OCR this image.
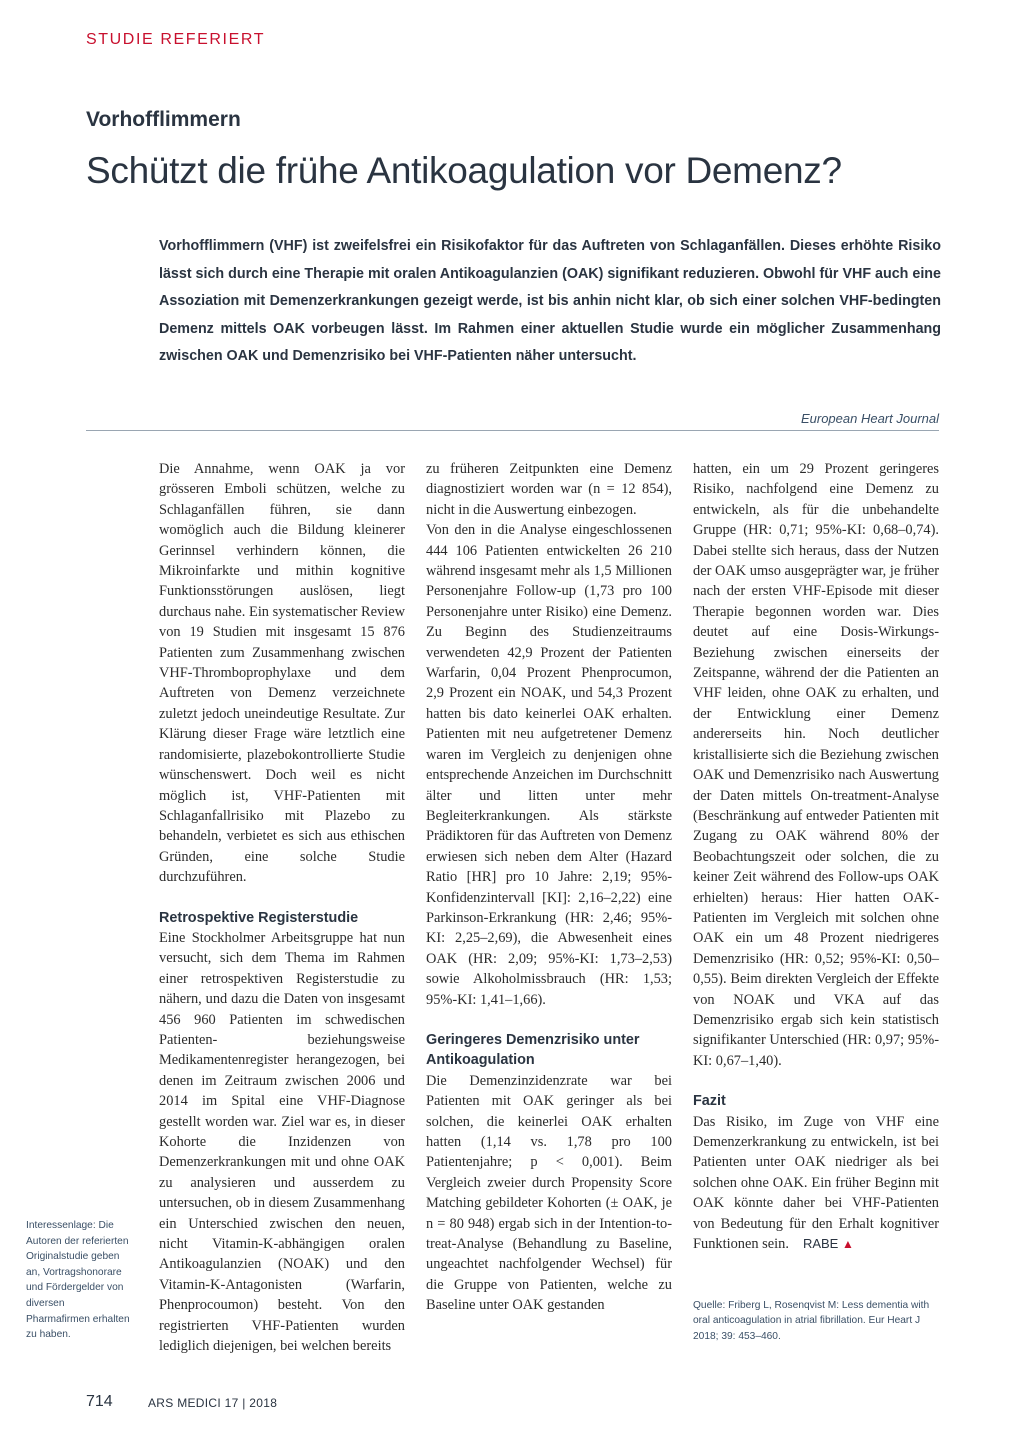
STUDIE REFERIERT
Vorhofflimmern
Schützt die frühe Antikoagulation vor Demenz?

Vorhofflimmern (VHF) ist zweifelsfrei ein Risikofaktor für das Auftreten von Schlaganfällen. Dieses erhöhte Risiko lässt sich durch eine Therapie mit oralen Antikoagulanzien (OAK) signifikant reduzieren. Obwohl für VHF auch eine Assoziation mit Demenzerkrankungen gezeigt werde, ist bis anhin nicht klar, ob sich einer solchen VHF-bedingten Demenz mittels OAK vorbeugen lässt. Im Rahmen einer aktuellen Studie wurde ein möglicher Zusammenhang zwischen OAK und Demenzrisiko bei VHF-Patienten näher untersucht.

European Heart Journal

Die Annahme, wenn OAK ja vor grösseren Emboli schützen, welche zu Schlaganfällen führen, sie dann womöglich auch die Bildung kleinerer Gerinnsel verhindern können, die Mikroinfarkte und mithin kognitive Funktionsstörungen auslösen, liegt durchaus nahe. Ein systematischer Review von 19 Studien mit insgesamt 15 876 Patienten zum Zusammenhang zwischen VHF-Thromboprophylaxe und dem Auftreten von Demenz verzeichnete zuletzt jedoch uneindeutige Resultate. Zur Klärung dieser Frage wäre letztlich eine randomisierte, plazebokontrollierte Studie wünschenswert. Doch weil es nicht möglich ist, VHF-Patienten mit Schlaganfallrisiko mit Plazebo zu behandeln, verbietet es sich aus ethischen Gründen, eine solche Studie durchzuführen.

Retrospektive Registerstudie

Eine Stockholmer Arbeitsgruppe hat nun versucht, sich dem Thema im Rahmen einer retrospektiven Registerstudie zu nähern, und dazu die Daten von insgesamt 456 960 Patienten im schwedischen Patienten- beziehungsweise Medikamentenregister herangezogen, bei denen im Zeitraum zwischen 2006 und 2014 im Spital eine VHF-Diagnose gestellt worden war. Ziel war es, in dieser Kohorte die Inzidenzen von Demenzerkrankungen mit und ohne OAK zu analysieren und ausserdem zu untersuchen, ob in diesem Zusammenhang ein Unterschied zwischen den neuen, nicht Vitamin-K-abhängigen oralen Antikoagulanzien (NOAK) und den Vitamin-K-Antagonisten (Warfarin, Phenprocoumon) besteht. Von den registrierten VHF-Patienten wurden lediglich diejenigen, bei welchen bereits

zu früheren Zeitpunkten eine Demenz diagnostiziert worden war (n = 12 854), nicht in die Auswertung einbezogen.

Von den in die Analyse eingeschlossenen 444 106 Patienten entwickelten 26 210 während insgesamt mehr als 1,5 Millionen Personenjahre Follow-up (1,73 pro 100 Personenjahre unter Risiko) eine Demenz. Zu Beginn des Studienzeitraums verwendeten 42,9 Prozent der Patienten Warfarin, 0,04 Prozent Phenprocumon, 2,9 Prozent ein NOAK, und 54,3 Prozent hatten bis dato keinerlei OAK erhalten. Patienten mit neu aufgetretener Demenz waren im Vergleich zu denjenigen ohne entsprechende Anzeichen im Durchschnitt älter und litten unter mehr Begleiterkrankungen. Als stärkste Prädiktoren für das Auftreten von Demenz erwiesen sich neben dem Alter (Hazard Ratio [HR] pro 10 Jahre: 2,19; 95%-Konfidenzintervall [KI]: 2,16–2,22) eine Parkinson-Erkrankung (HR: 2,46; 95%-KI: 2,25–2,69), die Abwesenheit eines OAK (HR: 2,09; 95%-KI: 1,73–2,53) sowie Alkoholmissbrauch (HR: 1,53; 95%-KI: 1,41–1,66).

Geringeres Demenzrisiko unter Antikoagulation

Die Demenzinzidenzrate war bei Patienten mit OAK geringer als bei solchen, die keinerlei OAK erhalten hatten (1,14 vs. 1,78 pro 100 Patientenjahre; p < 0,001). Beim Vergleich zweier durch Propensity Score Matching gebildeter Kohorten (± OAK, je n = 80 948) ergab sich in der Intention-to-treat-Analyse (Behandlung zu Baseline, ungeachtet nachfolgender Wechsel) für die Gruppe von Patienten, welche zu Baseline unter OAK gestanden

hatten, ein um 29 Prozent geringeres Risiko, nachfolgend eine Demenz zu entwickeln, als für die unbehandelte Gruppe (HR: 0,71; 95%-KI: 0,68–0,74). Dabei stellte sich heraus, dass der Nutzen der OAK umso ausgeprägter war, je früher nach der ersten VHF-Episode mit dieser Therapie begonnen worden war. Dies deutet auf eine Dosis-Wirkungs-Beziehung zwischen einerseits der Zeitspanne, während der die Patienten an VHF leiden, ohne OAK zu erhalten, und der Entwicklung einer Demenz andererseits hin. Noch deutlicher kristallisierte sich die Beziehung zwischen OAK und Demenzrisiko nach Auswertung der Daten mittels On-treatment-Analyse (Beschränkung auf entweder Patienten mit Zugang zu OAK während 80% der Beobachtungszeit oder solchen, die zu keiner Zeit während des Follow-ups OAK erhielten) heraus: Hier hatten OAK-Patienten im Vergleich mit solchen ohne OAK ein um 48 Prozent niedrigeres Demenzrisiko (HR: 0,52; 95%-KI: 0,50–0,55). Beim direkten Vergleich der Effekte von NOAK und VKA auf das Demenzrisiko ergab sich kein statistisch signifikanter Unterschied (HR: 0,97; 95%-KI: 0,67–1,40).

Fazit

Das Risiko, im Zuge von VHF eine Demenzerkrankung zu entwickeln, ist bei Patienten unter OAK niedriger als bei solchen ohne OAK. Ein früher Beginn mit OAK könnte daher bei VHF-Patienten von Bedeutung für den Erhalt kognitiver Funktionen sein. RABE ▲

Interessenlage: Die Autoren der referierten Originalstudie geben an, Vortragshonorare und Fördergelder von diversen Pharmafirmen erhalten zu haben.
Quelle: Friberg L, Rosenqvist M: Less dementia with oral anticoagulation in atrial fibrillation. Eur Heart J 2018; 39: 453–460.
714	ARS MEDICI 17 | 2018
